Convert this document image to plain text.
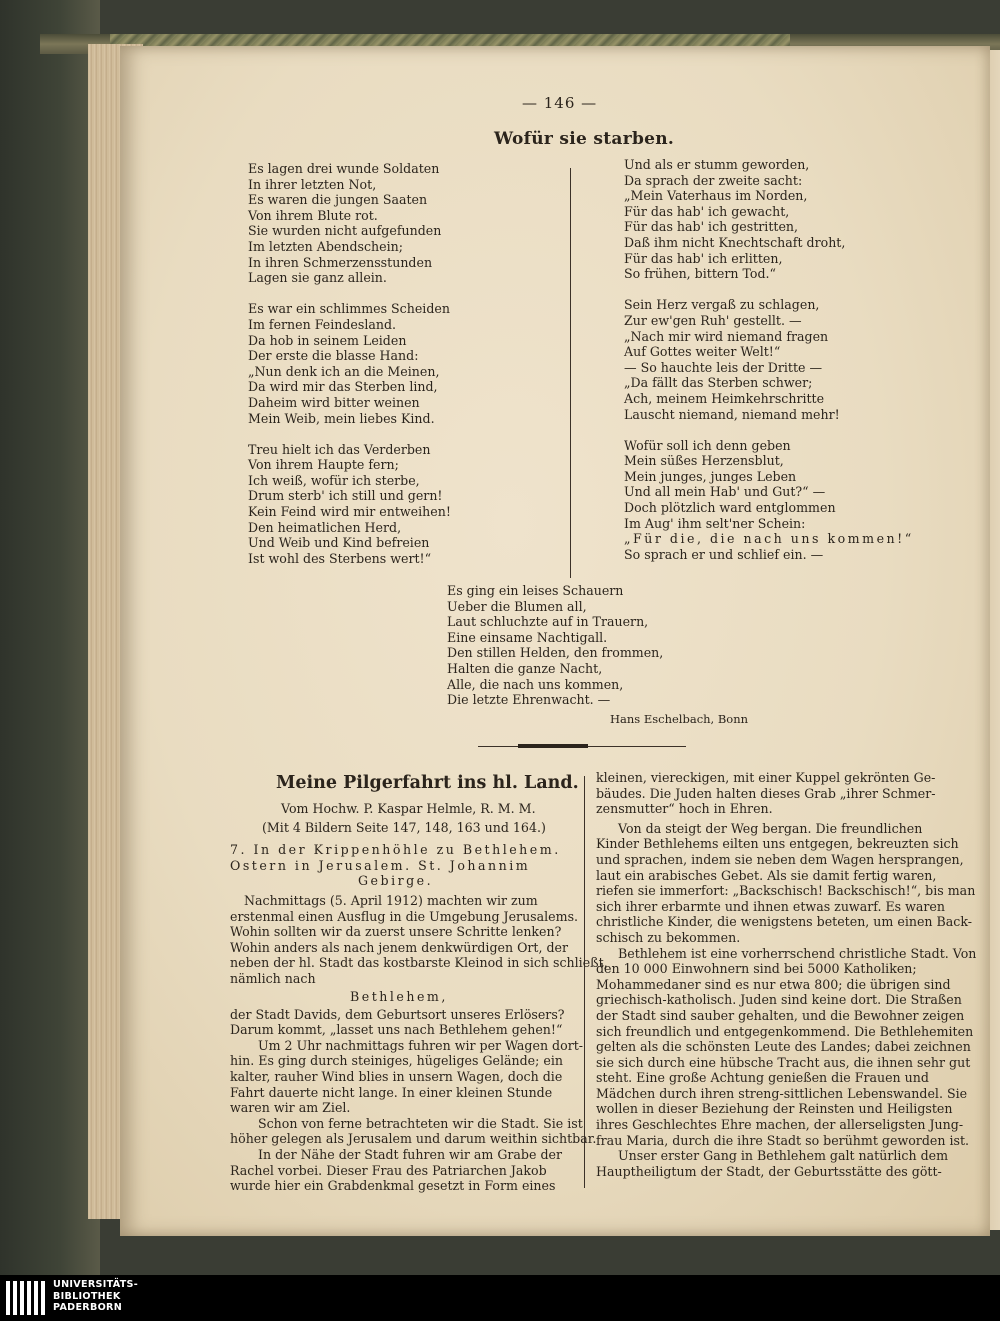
— 146 —
Wofür sie starben.
Es lagen drei wunde Soldaten
In ihrer letzten Not,
Es waren die jungen Saaten
Von ihrem Blute rot.
Sie wurden nicht aufgefunden
Im letzten Abendschein;
In ihren Schmerzensstunden
Lagen sie ganz allein.
Es war ein schlimmes Scheiden
Im fernen Feindesland.
Da hob in seinem Leiden
Der erste die blasse Hand:
„Nun denk ich an die Meinen,
Da wird mir das Sterben lind,
Daheim wird bitter weinen
Mein Weib, mein liebes Kind.
Treu hielt ich das Verderben
Von ihrem Haupte fern;
Ich weiß, wofür ich sterbe,
Drum sterb' ich still und gern!
Kein Feind wird mir entweihen!
Den heimatlichen Herd,
Und Weib und Kind befreien
Ist wohl des Sterbens wert!“
Und als er stumm geworden,
Da sprach der zweite sacht:
„Mein Vaterhaus im Norden,
Für das hab' ich gewacht,
Für das hab' ich gestritten,
Daß ihm nicht Knechtschaft droht,
Für das hab' ich erlitten,
So frühen, bittern Tod.“
Sein Herz vergaß zu schlagen,
Zur ew'gen Ruh' gestellt. —
„Nach mir wird niemand fragen
Auf Gottes weiter Welt!“
— So hauchte leis der Dritte —
„Da fällt das Sterben schwer;
Ach, meinem Heimkehrschritte
Lauscht niemand, niemand mehr!
Wofür soll ich denn geben
Mein süßes Herzensblut,
Mein junges, junges Leben
Und all mein Hab' und Gut?“ —
Doch plötzlich ward entglommen
Im Aug' ihm selt'ner Schein:
„Für die, die nach uns kommen!“
So sprach er und schlief ein. —
Es ging ein leises Schauern
Ueber die Blumen all,
Laut schluchzte auf in Trauern,
Eine einsame Nachtigall.
Den stillen Helden, den frommen,
Halten die ganze Nacht,
Alle, die nach uns kommen,
Die letzte Ehrenwacht. —
Hans Eschelbach, Bonn
Meine Pilgerfahrt ins hl. Land.
Vom Hochw. P. Kaspar Helmle, R. M. M.
(Mit 4 Bildern Seite 147, 148, 163 und 164.)
7. In der Krippenhöhle zu Bethlehem.
Ostern in Jerusalem. St. Johannim
Gebirge.
Nachmittags (5. April 1912) machten wir zum
erstenmal einen Ausflug in die Umgebung Jerusalems.
Wohin sollten wir da zuerst unsere Schritte lenken?
Wohin anders als nach jenem denkwürdigen Ort, der
neben der hl. Stadt das kostbarste Kleinod in sich schließt,
nämlich nach
Bethlehem,
der Stadt Davids, dem Geburtsort unseres Erlösers?
Darum kommt, „lasset uns nach Bethlehem gehen!“
Um 2 Uhr nachmittags fuhren wir per Wagen dort-
hin. Es ging durch steiniges, hügeliges Gelände; ein
kalter, rauher Wind blies in unsern Wagen, doch die
Fahrt dauerte nicht lange. In einer kleinen Stunde
waren wir am Ziel.
Schon von ferne betrachteten wir die Stadt. Sie ist
höher gelegen als Jerusalem und darum weithin sichtbar.
In der Nähe der Stadt fuhren wir am Grabe der
Rachel vorbei. Dieser Frau des Patriarchen Jakob
wurde hier ein Grabdenkmal gesetzt in Form eines
kleinen, viereckigen, mit einer Kuppel gekrönten Ge-
bäudes. Die Juden halten dieses Grab „ihrer Schmer-
zensmutter“ hoch in Ehren.
Von da steigt der Weg bergan. Die freundlichen
Kinder Bethlehems eilten uns entgegen, bekreuzten sich
und sprachen, indem sie neben dem Wagen hersprangen,
laut ein arabisches Gebet. Als sie damit fertig waren,
riefen sie immerfort: „Backschisch! Backschisch!“, bis man
sich ihrer erbarmte und ihnen etwas zuwarf. Es waren
christliche Kinder, die wenigstens beteten, um einen Back-
schisch zu bekommen.
Bethlehem ist eine vorherrschend christliche Stadt. Von
den 10 000 Einwohnern sind bei 5000 Katholiken;
Mohammedaner sind es nur etwa 800; die übrigen sind
griechisch-katholisch. Juden sind keine dort. Die Straßen
der Stadt sind sauber gehalten, und die Bewohner zeigen
sich freundlich und entgegenkommend. Die Bethlehemiten
gelten als die schönsten Leute des Landes; dabei zeichnen
sie sich durch eine hübsche Tracht aus, die ihnen sehr gut
steht. Eine große Achtung genießen die Frauen und
Mädchen durch ihren streng-sittlichen Lebenswandel. Sie
wollen in dieser Beziehung der Reinsten und Heiligsten
ihres Geschlechtes Ehre machen, der allerseligsten Jung-
frau Maria, durch die ihre Stadt so berühmt geworden ist.
Unser erster Gang in Bethlehem galt natürlich dem
Hauptheiligtum der Stadt, der Geburtsstätte des gött-
UNIVERSITÄTS-
BIBLIOTHEK
PADERBORN
